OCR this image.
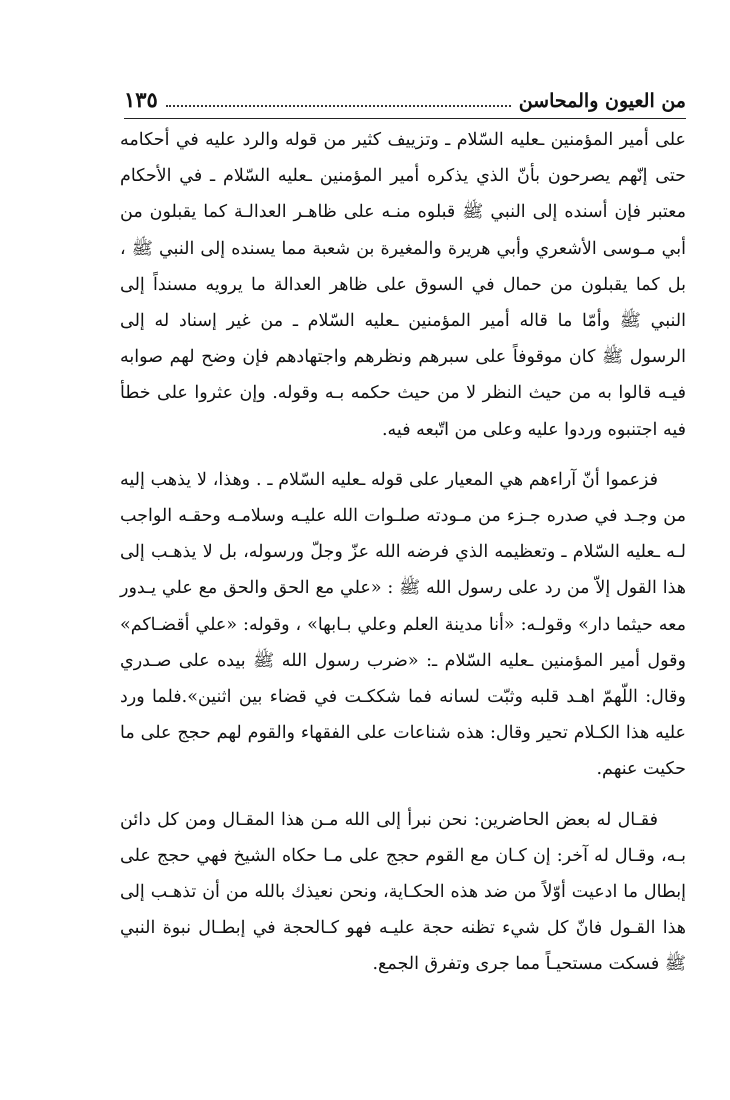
من العيون والمحاسن
١٣٥

على أمير المؤمنين ـعليه السّلام ـ وتزييف كثير من قوله والرد عليه في أحكامه حتى إنّهم يصرحون بأنّ الذي يذكره أمير المؤمنين ـعليه السّلام ـ في الأحكام معتبر فإن أسنده إلى النبي ﷺ قبلوه منـه على ظاهـر العدالـة كما يقبلون من أبي مـوسى الأشعري وأبي هريرة والمغيرة بن شعبة مما يسنده إلى النبي ﷺ ، بل كما يقبلون من حمال في السوق على ظاهر العدالة ما يرويه مسنداً إلى النبي ﷺ وأمّا ما قاله أمير المؤمنين ـعليه السّلام ـ من غير إسناد له إلى الرسول ﷺ كان موقوفاً على سبرهم ونظرهم واجتهادهم فإن وضح لهم صوابه فيـه قالوا به من حيث النظر لا من حيث حكمه بـه وقوله. وإن عثروا على خطأ فيه اجتنبوه وردوا عليه وعلى من اتّبعه فيه.

فزعموا أنّ آراءهم هي المعيار على قوله ـعليه السّلام ـ . وهذا، لا يذهب إليه من وجـد في صدره جـزء من مـودته صلـوات الله عليـه وسلامـه وحقـه الواجب لـه ـعليه السّلام ـ وتعظيمه الذي فرضه الله عزّ وجلّ ورسوله، بل لا يذهـب إلى هذا القول إلاّ من رد على رسول الله ﷺ : «علي مع الحق والحق مع علي يـدور معه حيثما دار» وقولـه: «أنا مدينة العلم وعلي بـابها» ، وقوله: «علي أقضـاكم» وقول أمير المؤمنين ـعليه السّلام ـ: «ضرب رسول الله ﷺ بيده على صـدري وقال: اللّهمّ اهـد قلبه وثبّت لسانه فما شككـت في قضاء بين اثنين».فلما ورد عليه هذا الكـلام تحير وقال: هذه شناعات على الفقهاء والقوم لهم حجج على ما حكيت عنهم.

فقـال له بعض الحاضرين: نحن نبرأ إلى الله مـن هذا المقـال ومن كل دائن بـه، وقـال له آخر: إن كـان مع القوم حجج على مـا حكاه الشيخ فهي حجج على إبطال ما ادعيت أوّلاً من ضد هذه الحكـاية، ونحن نعيذك بالله من أن تذهـب إلى هذا القـول فانّ كل شيء تظنه حجة عليـه فهو كـالحجة في إبطـال نبوة النبي ﷺ فسكت مستحيـاً مما جرى وتفرق الجمع.
